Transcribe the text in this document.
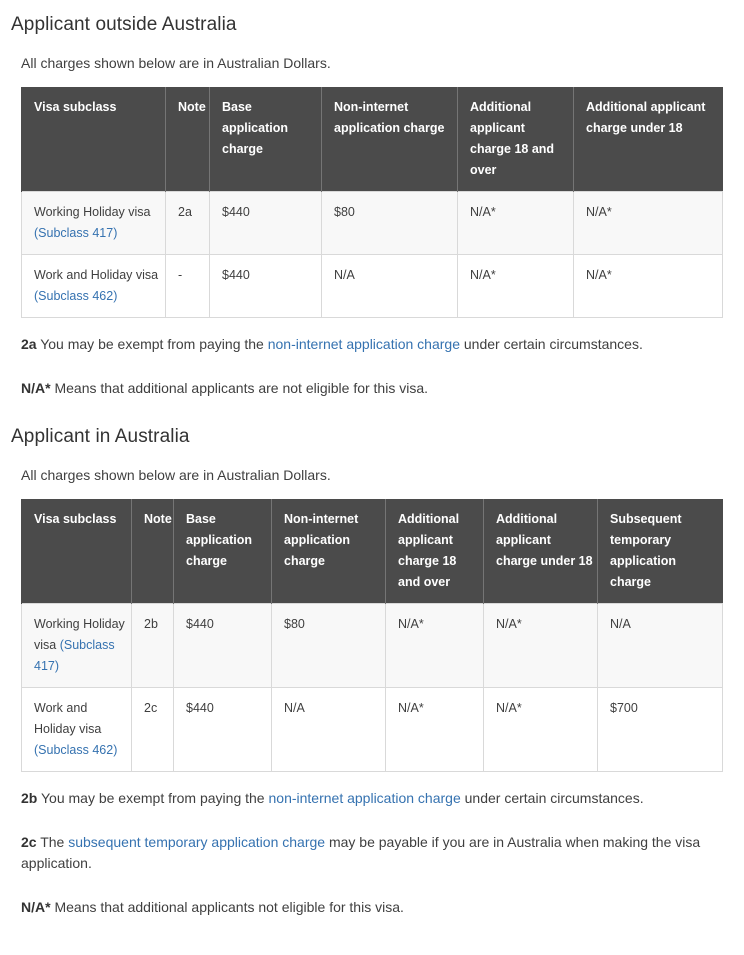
Applicant outside Australia

All charges shown below are in Australian Dollars.

Visa subclass	Note	Base application charge	Non-internet application charge	Additional applicant charge 18 and over	Additional applicant charge under 18
Working Holiday visa (Subclass 417)	2a	$440	$80	N/A*	N/A*
Work and Holiday visa (Subclass 462)	-	$440	N/A	N/A*	N/A*

2a You may be exempt from paying the non-internet application charge under certain circumstances.

N/A* Means that additional applicants are not eligible for this visa.

Applicant in Australia

All charges shown below are in Australian Dollars.

Visa subclass	Note	Base application charge	Non-internet application charge	Additional applicant charge 18 and over	Additional applicant charge under 18	Subsequent temporary application charge
Working Holiday visa (Subclass 417)	2b	$440	$80	N/A*	N/A*	N/A
Work and Holiday visa (Subclass 462)	2c	$440	N/A	N/A*	N/A*	$700

2b You may be exempt from paying the non-internet application charge under certain circumstances.

2c The subsequent temporary application charge may be payable if you are in Australia when making the visa application.

N/A* Means that additional applicants not eligible for this visa.
